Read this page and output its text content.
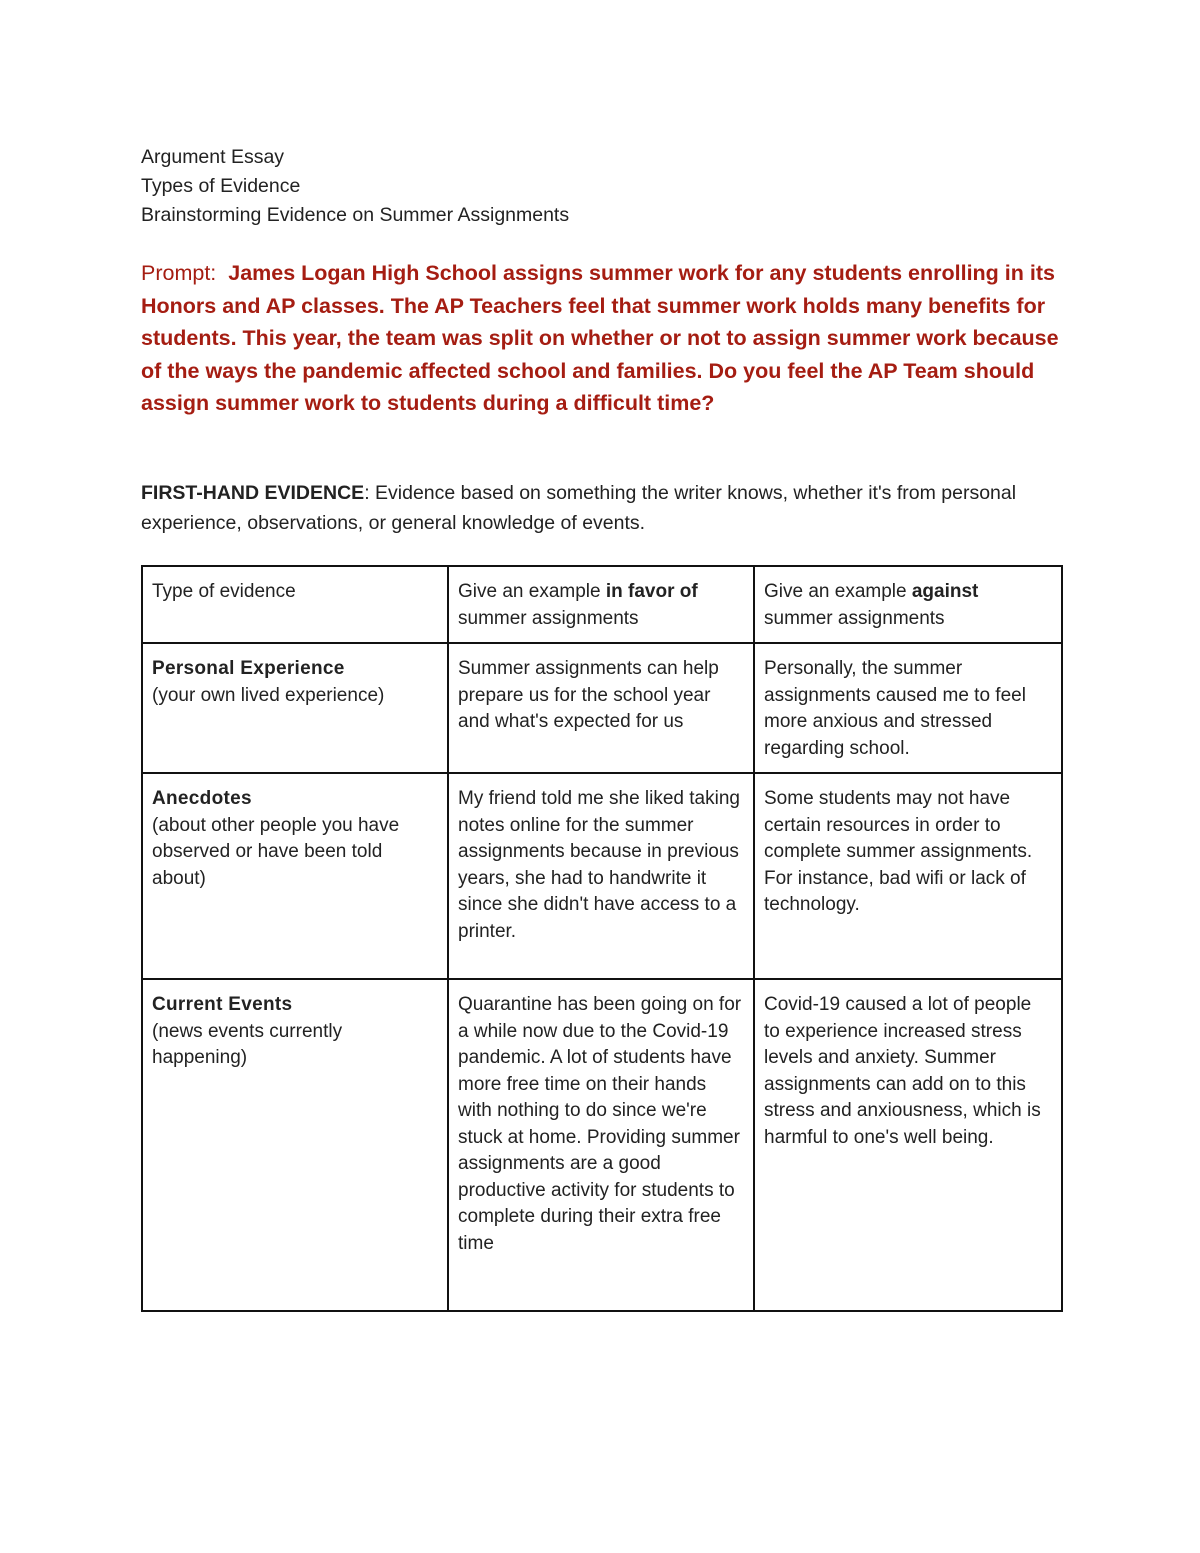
Argument Essay
Types of Evidence
Brainstorming Evidence on Summer Assignments
Prompt: James Logan High School assigns summer work for any students enrolling in its Honors and AP classes. The AP Teachers feel that summer work holds many benefits for students. This year, the team was split on whether or not to assign summer work because of the ways the pandemic affected school and families. Do you feel the AP Team should assign summer work to students during a difficult time?
FIRST-HAND EVIDENCE: Evidence based on something the writer knows, whether it's from personal experience, observations, or general knowledge of events.
Type of evidence	Give an example in favor of summer assignments	Give an example against summer assignments

Personal Experience
(your own lived experience)	Summer assignments can help prepare us for the school year and what's expected for us	Personally, the summer assignments caused me to feel more anxious and stressed regarding school.

Anecdotes
(about other people you have observed or have been told about)	My friend told me she liked taking notes online for the summer assignments because in previous years, she had to handwrite it since she didn't have access to a printer.	Some students may not have certain resources in order to complete summer assignments. For instance, bad wifi or lack of technology.

Current Events
(news events currently happening)	Quarantine has been going on for a while now due to the Covid-19 pandemic. A lot of students have more free time on their hands with nothing to do since we're stuck at home. Providing summer assignments are a good productive activity for students to complete during their extra free time	Covid-19 caused a lot of people to experience increased stress levels and anxiety. Summer assignments can add on to this stress and anxiousness, which is harmful to one's well being.
